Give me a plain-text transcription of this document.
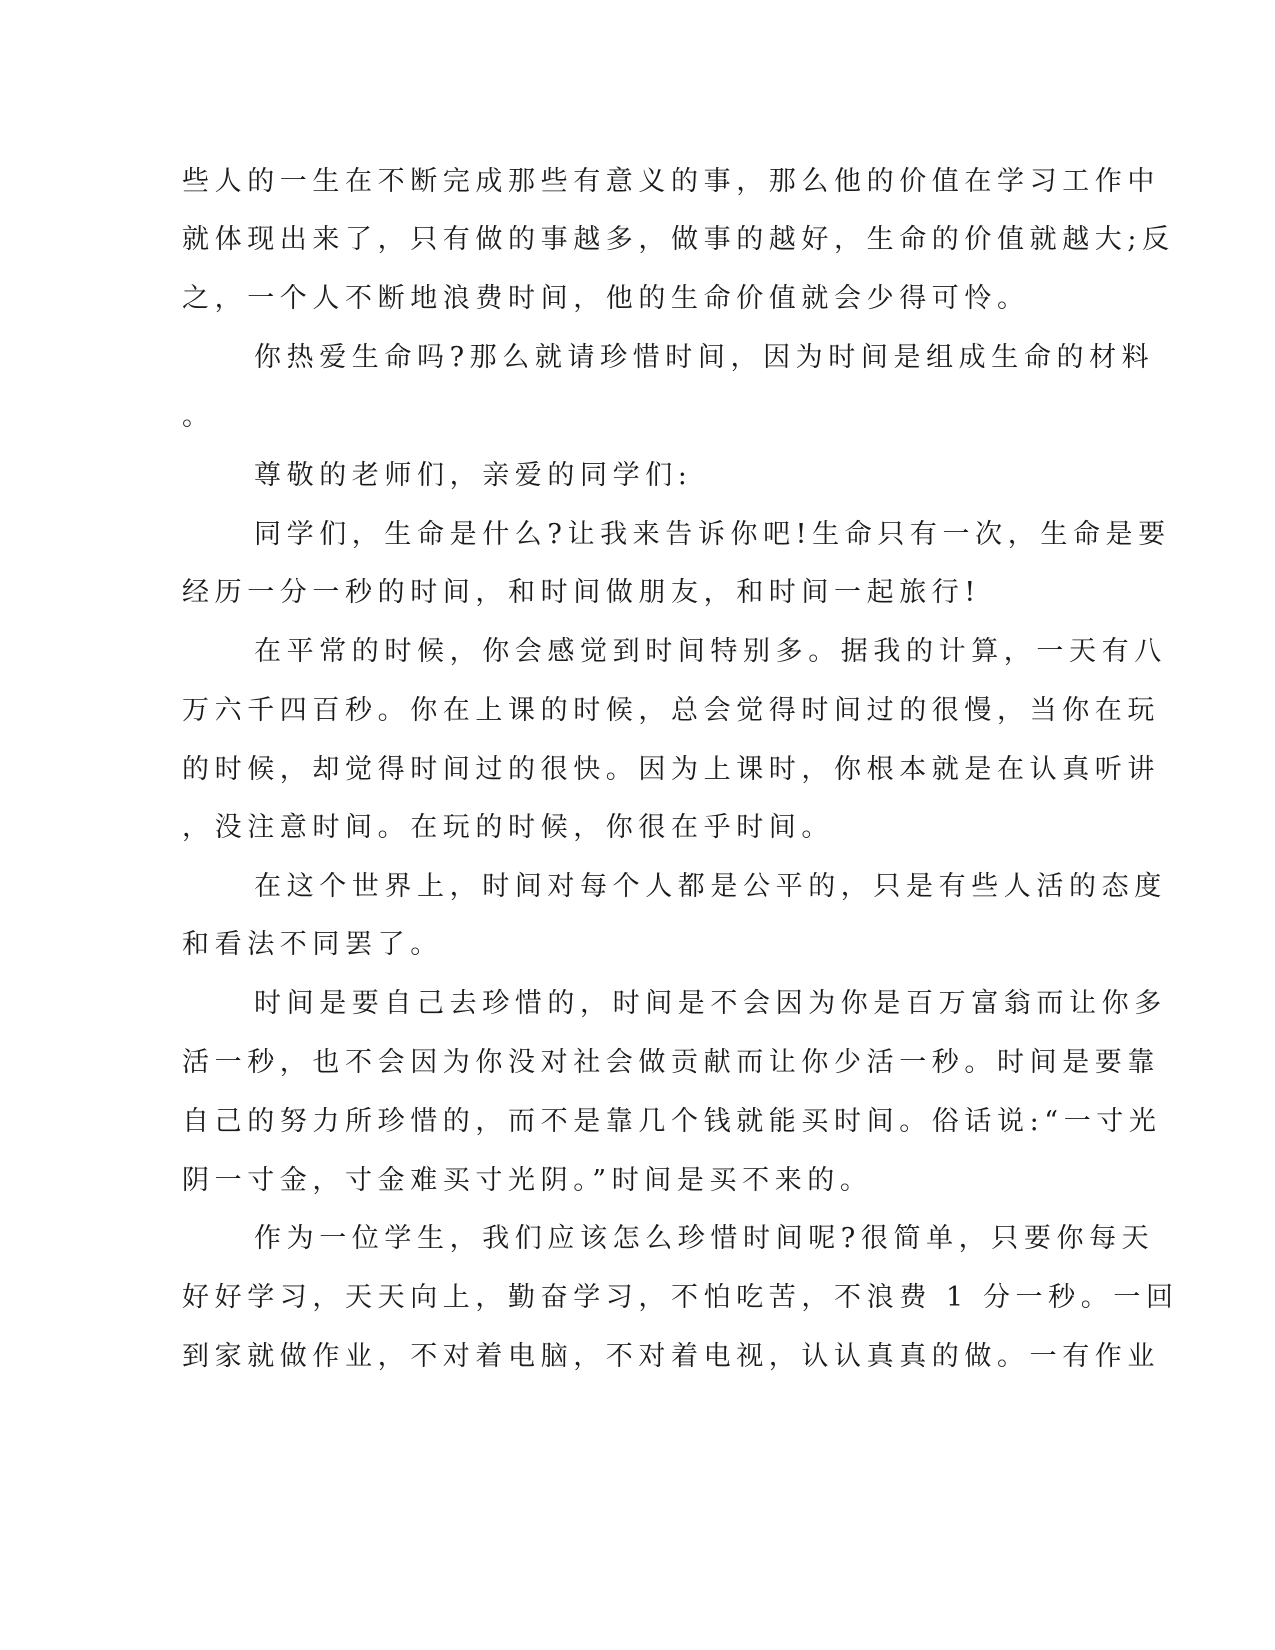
些人的一生在不断完成那些有意义的事，那么他的价值在学习工作中
就体现出来了，只有做的事越多，做事的越好，生命的价值就越大;反
之，一个人不断地浪费时间，他的生命价值就会少得可怜。
你热爱生命吗?那么就请珍惜时间，因为时间是组成生命的材料
。
尊敬的老师们，亲爱的同学们:
同学们，生命是什么?让我来告诉你吧!生命只有一次，生命是要
经历一分一秒的时间，和时间做朋友，和时间一起旅行!
在平常的时候，你会感觉到时间特别多。据我的计算，一天有八
万六千四百秒。你在上课的时候，总会觉得时间过的很慢，当你在玩
的时候，却觉得时间过的很快。因为上课时，你根本就是在认真听讲
，没注意时间。在玩的时候，你很在乎时间。
在这个世界上，时间对每个人都是公平的，只是有些人活的态度
和看法不同罢了。
时间是要自己去珍惜的，时间是不会因为你是百万富翁而让你多
活一秒，也不会因为你没对社会做贡献而让你少活一秒。时间是要靠
自己的努力所珍惜的，而不是靠几个钱就能买时间。俗话说:“一寸光
阴一寸金，寸金难买寸光阴。”时间是买不来的。
作为一位学生，我们应该怎么珍惜时间呢?很简单，只要你每天
好好学习，天天向上，勤奋学习，不怕吃苦，不浪费 1 分一秒。一回
到家就做作业，不对着电脑，不对着电视，认认真真的做。一有作业
